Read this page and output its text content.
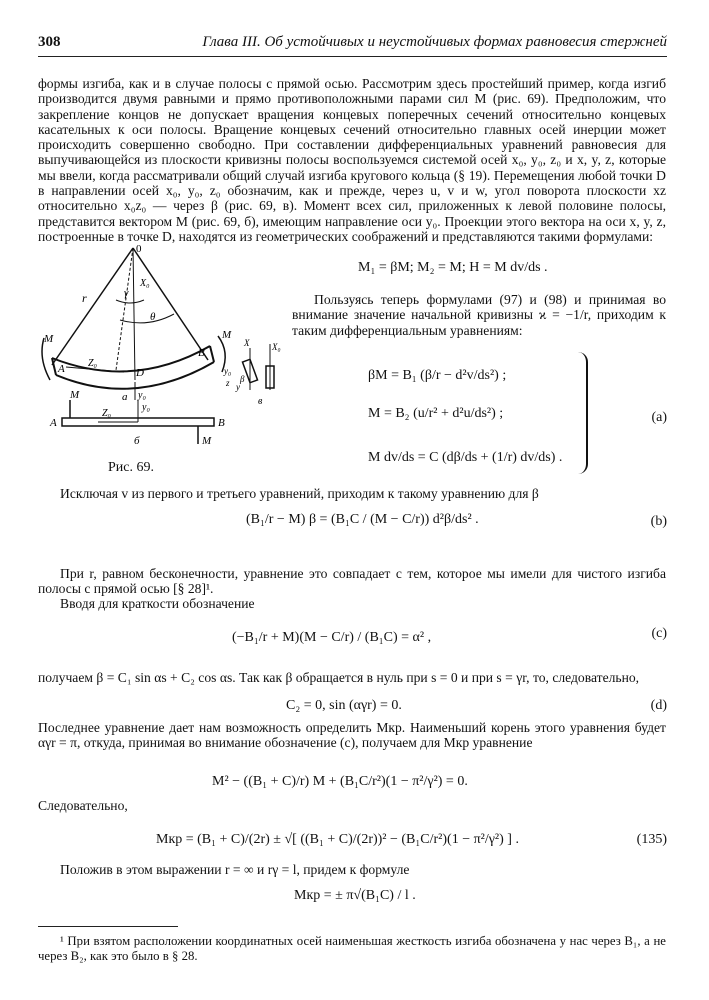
308	Глава III. Об устойчивых и неустойчивых формах равновесия стержней
формы изгиба, как и в случае полосы с прямой осью. Рассмотрим здесь простейший пример, когда изгиб производится двумя равными и прямо противоположными парами сил M (рис. 69). Предположим, что закрепление концов не допускает вращения концевых поперечных сечений относительно концевых касательных к оси полосы. Вращение концевых сечений относительно главных осей инерции может происходить совершенно свободно. При составлении дифференциальных уравнений равновесия для выпучивающейся из плоскости кривизны полосы воспользуемся системой осей x₀, y₀, z₀ и x, y, z, которые мы ввели, когда рассматривали общий случай изгиба кругового кольца (§ 19). Перемещения любой точки D в направлении осей x₀, y₀, z₀ обозначим, как и прежде, через u, v и w, угол поворота плоскости xz относительно x₀z₀ — через β (рис. 69, в). Момент всех сил, приложенных к левой половине полосы, представится вектором M (рис. 69, б), имеющим направление оси y₀. Проекции этого вектора на оси x, y, z, построенные в точке D, находятся из геометрических соображений и представляются такими формулами:
0
r	γ
X₀
θ
M	M
A
B
D
Z₀
a y₀
y₀
z
X	X₀
y
β
в
M
M
A	B
Z₀
y₀
б
Рис. 69.
M₁ = βM; M₂ = M; H = M dv/ds .
Пользуясь теперь формулами (97) и (98) и принимая во внимание значение начальной кривизны ϰ = −1/r, приходим к таким дифференциальным уравнениям:
βM = B₁ (β/r − d²v/ds²) ;
M = B₂ (u/r² + d²u/ds²) ;
M dv/ds = C (dβ/ds + (1/r) dv/ds) .
(a)
Исключая v из первого и третьего уравнений, приходим к такому уравнению для β
(B₁/r − M) β = (B₁C / (M − C/r)) d²β/ds² .	(b)
При r, равном бесконечности, уравнение это совпадает с тем, которое мы имели для чистого изгиба полосы с прямой осью [§ 28]¹.
Вводя для краткости обозначение
(−B₁/r + M)(M − C/r) / (B₁C) = α² ,	(c)
получаем β = C₁ sin αs + C₂ cos αs. Так как β обращается в нуль при s = 0 и при s = γr, то, следовательно,
C₂ = 0, sin (αγr) = 0.	(d)
Последнее уравнение дает нам возможность определить Mкр. Наименьший корень этого уравнения будет αγr = π, откуда, принимая во внимание обозначение (c), получаем для Mкр уравнение
M² − ((B₁ + C)/r) M + (B₁C/r²)(1 − π²/γ²) = 0.
Следовательно,
Mкр = (B₁ + C)/(2r) ± √[ ((B₁ + C)/(2r))² − (B₁C/r²)(1 − π²/γ²) ] .	(135)
Положив в этом выражении r = ∞ и rγ = l, придем к формуле
Mкр = ± π√(B₁C) / l .
¹ При взятом расположении координатных осей наименьшая жесткость изгиба обозначена у нас через B₁, а не через B₂, как это было в § 28.
